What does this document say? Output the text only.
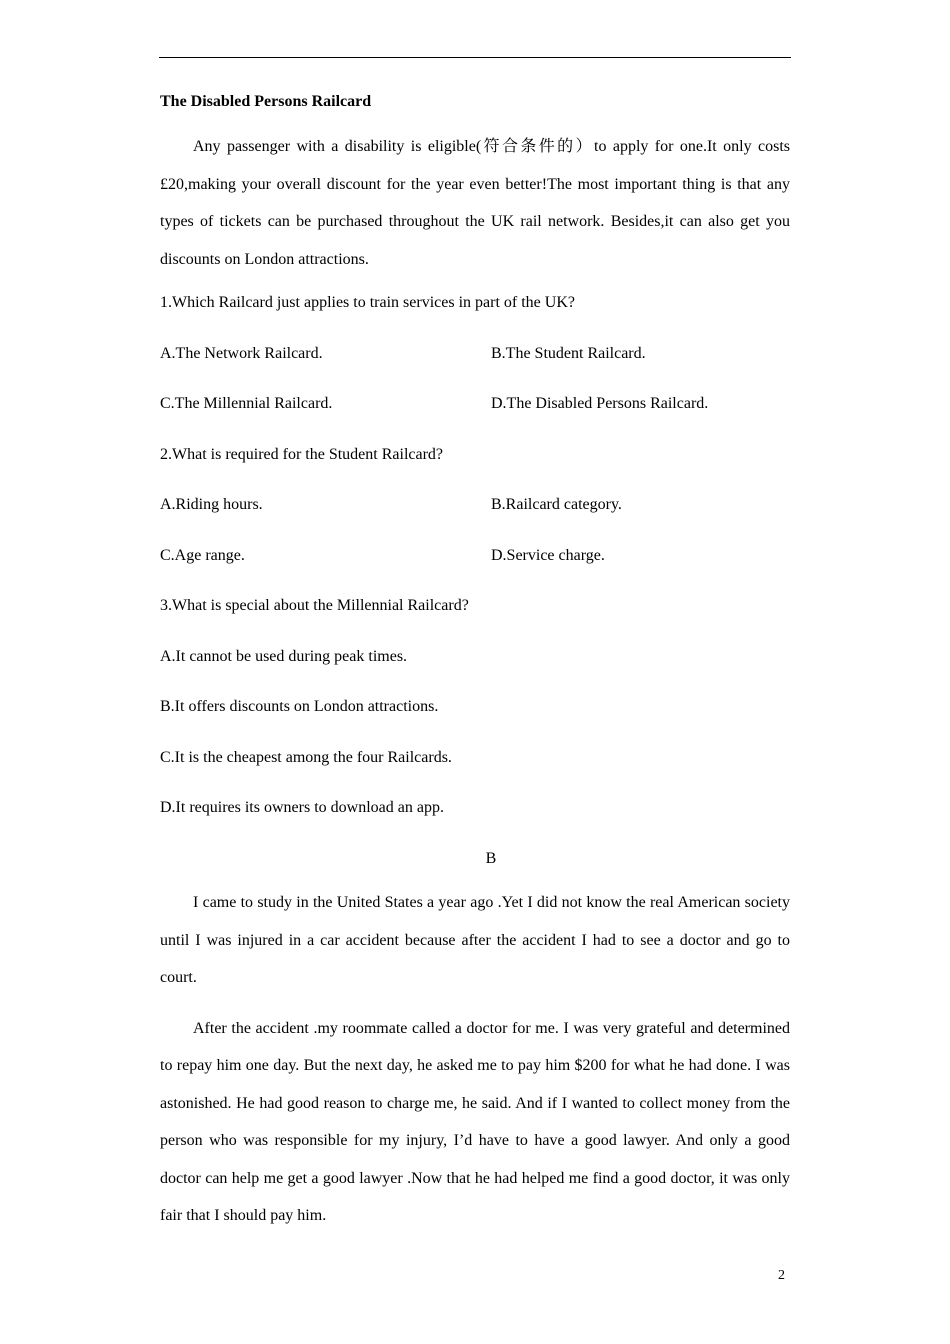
The Disabled Persons Railcard

Any passenger with a disability is eligible(符合条件的）to apply for one.It only costs £20,making your overall discount for the year even better!The most important thing is that any types of tickets can be purchased throughout the UK rail network. Besides,it can also get you discounts on London attractions.

1.Which Railcard just applies to train services in part of the UK?
A.The Network Railcard.	B.The Student Railcard.
C.The Millennial Railcard.	D.The Disabled Persons Railcard.
2.What is required for the Student Railcard?
A.Riding hours.	B.Railcard category.
C.Age range.	D.Service charge.
3.What is special about the Millennial Railcard?
A.It cannot be used during peak times.
B.It offers discounts on London attractions.
C.It is the cheapest among the four Railcards.
D.It requires its owners to download an app.
B

I came to study in the United States a year ago .Yet I did not know the real American society until I was injured in a car accident because after the accident I had to see a doctor and go to court.

After the accident .my roommate called a doctor for me. I was very grateful and determined to repay him one day. But the next day, he asked me to pay him $200 for what he had done. I was astonished. He had good reason to charge me, he said. And if I wanted to collect money from the person who was responsible for my injury, I’d have to have a good lawyer. And only a good doctor can help me get a good lawyer .Now that he had helped me find a good doctor, it was only fair that I should pay him.

2
